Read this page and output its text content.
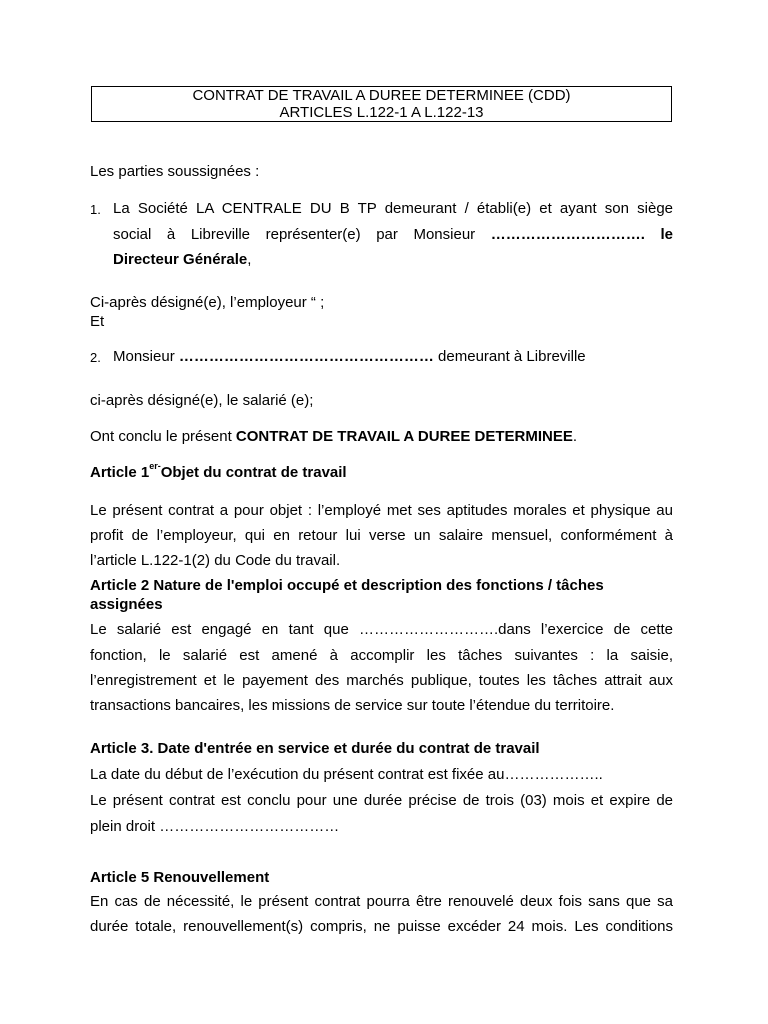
CONTRAT DE TRAVAIL A DUREE DETERMINEE (CDD)
ARTICLES L.122-1 A L.122-13
Les parties soussignées :
1. La Société LA CENTRALE DU B TP demeurant / établi(e) et ayant son siège
social à Libreville représenter(e) par Monsieur …………………………. le
Directeur Générale,
Ci-après désigné(e), l’employeur “ ;
Et
2. Monsieur …………………………………………… demeurant à Libreville
ci-après désigné(e), le salarié (e);
Ont conclu le présent CONTRAT DE TRAVAIL A DUREE DETERMINEE.
Article $1^{er-}Objet$ du contrat de travail
Le présent contrat a pour objet : l’employé met ses aptitudes morales et physique au
profit de l’employeur, qui en retour lui verse un salaire mensuel, conformément à
l’article L.122-1(2) du Code du travail.
Article 2 Nature de l'emploi occupé et description des fonctions / tâches
assignées
Le salarié est engagé en tant que ……………………….dans l’exercice de cette
fonction, le salarié est amené à accomplir les tâches suivantes : la saisie,
l’enregistrement et le payement des marchés publique, toutes les tâches attrait aux
transactions bancaires, les missions de service sur toute l’étendue du territoire.
Article 3. Date d'entrée en service et durée du contrat de travail
La date du début de l’exécution du présent contrat est fixée au………………..
Le présent contrat est conclu pour une durée précise de trois (03) mois et expire de
plein droit ………………………………
Article 5 Renouvellement
En cas de nécessité, le présent contrat pourra être renouvelé deux fois sans que sa
durée totale, renouvellement(s) compris, ne puisse excéder 24 mois. Les conditions
